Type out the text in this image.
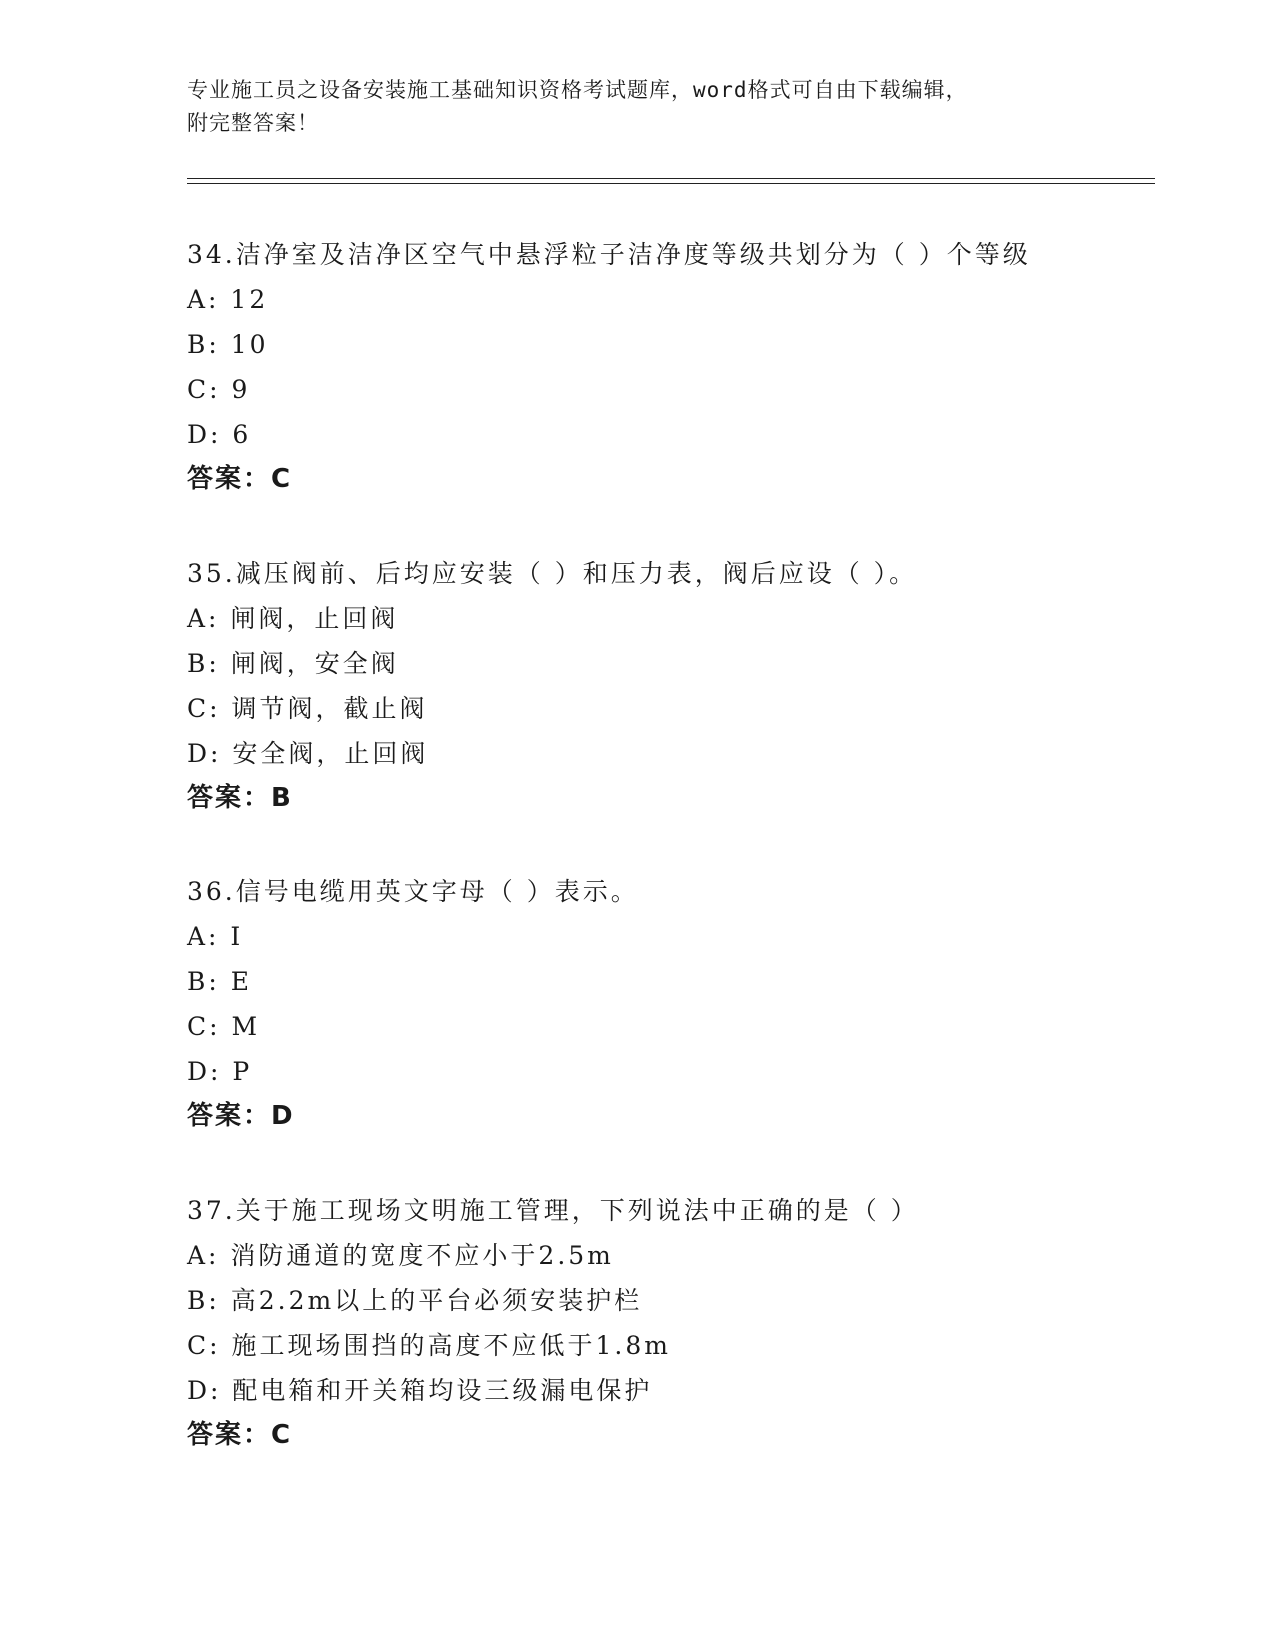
专业施工员之设备安装施工基础知识资格考试题库，word格式可自由下载编辑，
附完整答案！
34.洁净室及洁净区空气中悬浮粒子洁净度等级共划分为（ ）个等级
A: 12
B: 10
C: 9
D: 6
答案：C
35.减压阀前、后均应安装（ ）和压力表，阀后应设（ ）。
A: 闸阀，止回阀
B: 闸阀，安全阀
C: 调节阀，截止阀
D: 安全阀，止回阀
答案：B
36.信号电缆用英文字母（ ）表示。
A: I
B: E
C: M
D: P
答案：D
37.关于施工现场文明施工管理，下列说法中正确的是（ ）
A: 消防通道的宽度不应小于2.5m
B: 高2.2m以上的平台必须安装护栏
C: 施工现场围挡的高度不应低于1.8m
D: 配电箱和开关箱均设三级漏电保护
答案：C
